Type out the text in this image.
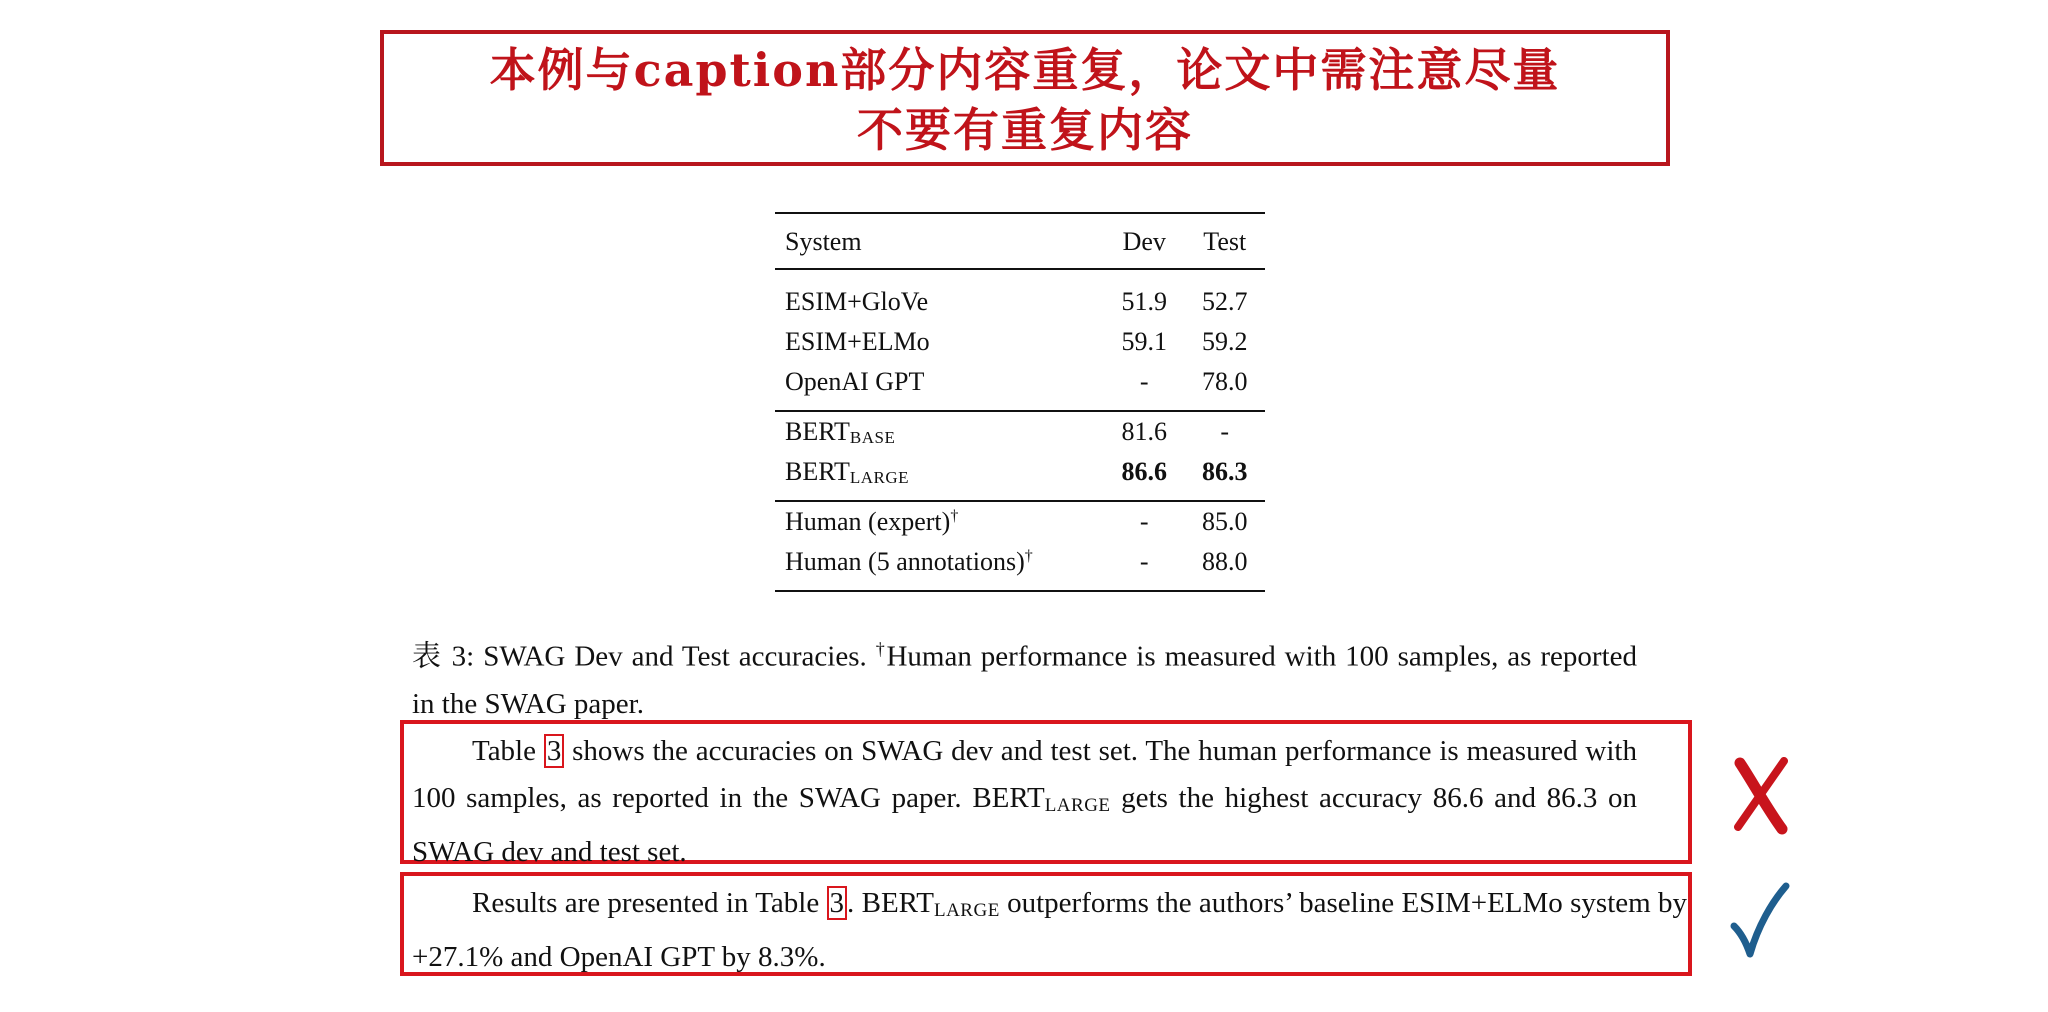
本例与caption部分内容重复，论文中需注意尽量
不要有重复内容
System	Dev	Test
ESIM+GloVe	51.9	52.7
ESIM+ELMo	59.1	59.2
OpenAI GPT	-	78.0
$BERT_{BASE}$	81.6	-
$BERT_{LARGE}$	86.6	86.3
Human (expert)†	-	85.0
Human (5 annotations)†	-	88.0
表 3: SWAG Dev and Test accuracies. †Human performance is measured with 100 samples, as reported in the SWAG paper.
Table 3 shows the accuracies on SWAG dev and test set. The human performance is measured with 100 samples, as reported in the SWAG paper. $BERT_{LARGE}$ gets the highest accuracy 86.6 and 86.3 on SWAG dev and test set.
Results are presented in Table 3 . $BERT_{LARGE}$ outperforms the authors’ baseline ESIM+ELMo system by +27.1% and OpenAI GPT by 8.3%.
